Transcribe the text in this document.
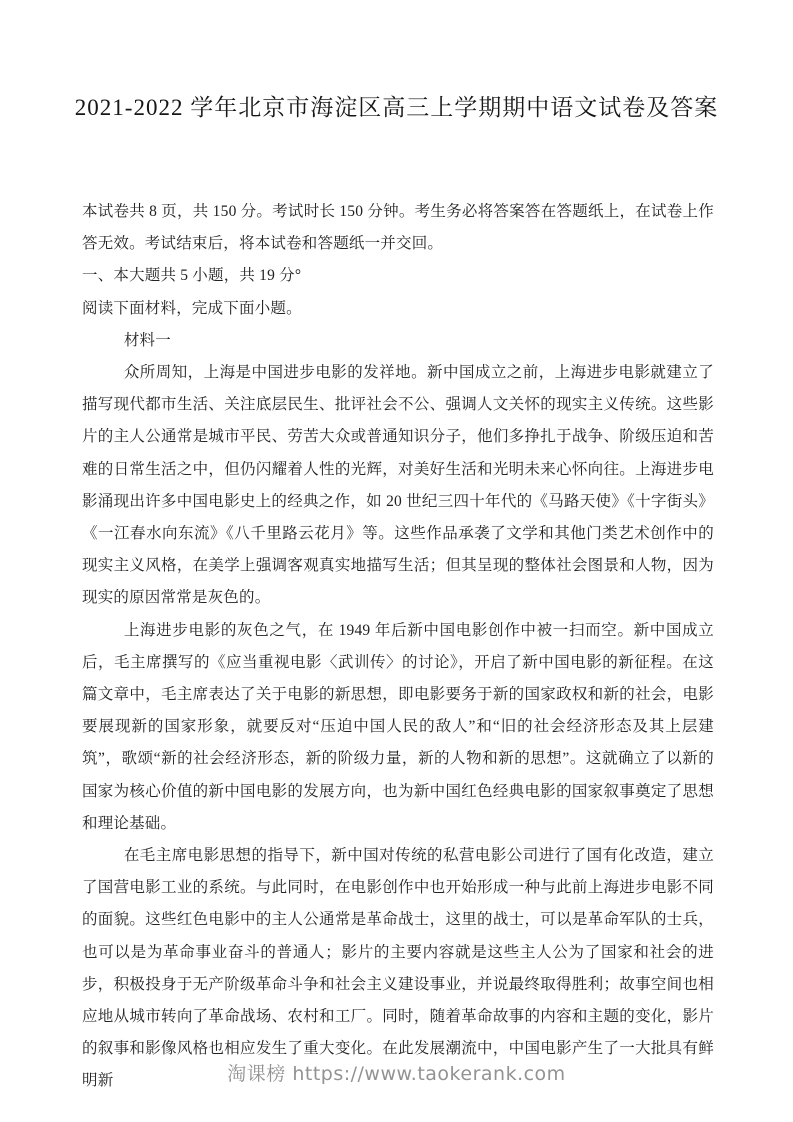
2021-2022 学年北京市海淀区高三上学期期中语文试卷及答案

本试卷共 8 页，共 150 分。考试时长 150 分钟。考生务必将答案答在答题纸上，在试卷上作答无效。考试结束后，将本试卷和答题纸一并交回。

一、本大题共 5 小题，共 19 分°

阅读下面材料，完成下面小题。

材料一

众所周知，上海是中国进步电影的发祥地。新中国成立之前，上海进步电影就建立了描写现代都市生活、关注底层民生、批评社会不公、强调人文关怀的现实主义传统。这些影片的主人公通常是城市平民、劳苦大众或普通知识分子，他们多挣扎于战争、阶级压迫和苦难的日常生活之中，但仍闪耀着人性的光辉，对美好生活和光明未来心怀向往。上海进步电影涌现出许多中国电影史上的经典之作，如 20 世纪三四十年代的《马路天使》《十字街头》《一江春水向东流》《八千里路云花月》等。这些作品承袭了文学和其他门类艺术创作中的现实主义风格，在美学上强调客观真实地描写生活；但其呈现的整体社会图景和人物，因为现实的原因常常是灰色的。

上海进步电影的灰色之气，在 1949 年后新中国电影创作中被一扫而空。新中国成立后，毛主席撰写的《应当重视电影〈武训传〉的讨论》，开启了新中国电影的新征程。在这篇文章中，毛主席表达了关于电影的新思想，即电影要务于新的国家政权和新的社会，电影要展现新的国家形象，就要反对“压迫中国人民的敌人”和“旧的社会经济形态及其上层建筑”，歌颂“新的社会经济形态，新的阶级力量，新的人物和新的思想”。这就确立了以新的国家为核心价值的新中国电影的发展方向，也为新中国红色经典电影的国家叙事奠定了思想和理论基础。

在毛主席电影思想的指导下，新中国对传统的私营电影公司进行了国有化改造，建立了国营电影工业的系统。与此同时，在电影创作中也开始形成一种与此前上海进步电影不同的面貌。这些红色电影中的主人公通常是革命战士，这里的战士，可以是革命军队的士兵，也可以是为革命事业奋斗的普通人；影片的主要内容就是这些主人公为了国家和社会的进步，积极投身于无产阶级革命斗争和社会主义建设事业，并说最终取得胜利；故事空间也相应地从城市转向了革命战场、农村和工厂。同时，随着革命故事的内容和主题的变化，影片的叙事和影像风格也相应发生了重大变化。在此发展潮流中，中国电影产生了一大批具有鲜明新	淘课榜 https://www.taokerank.com
